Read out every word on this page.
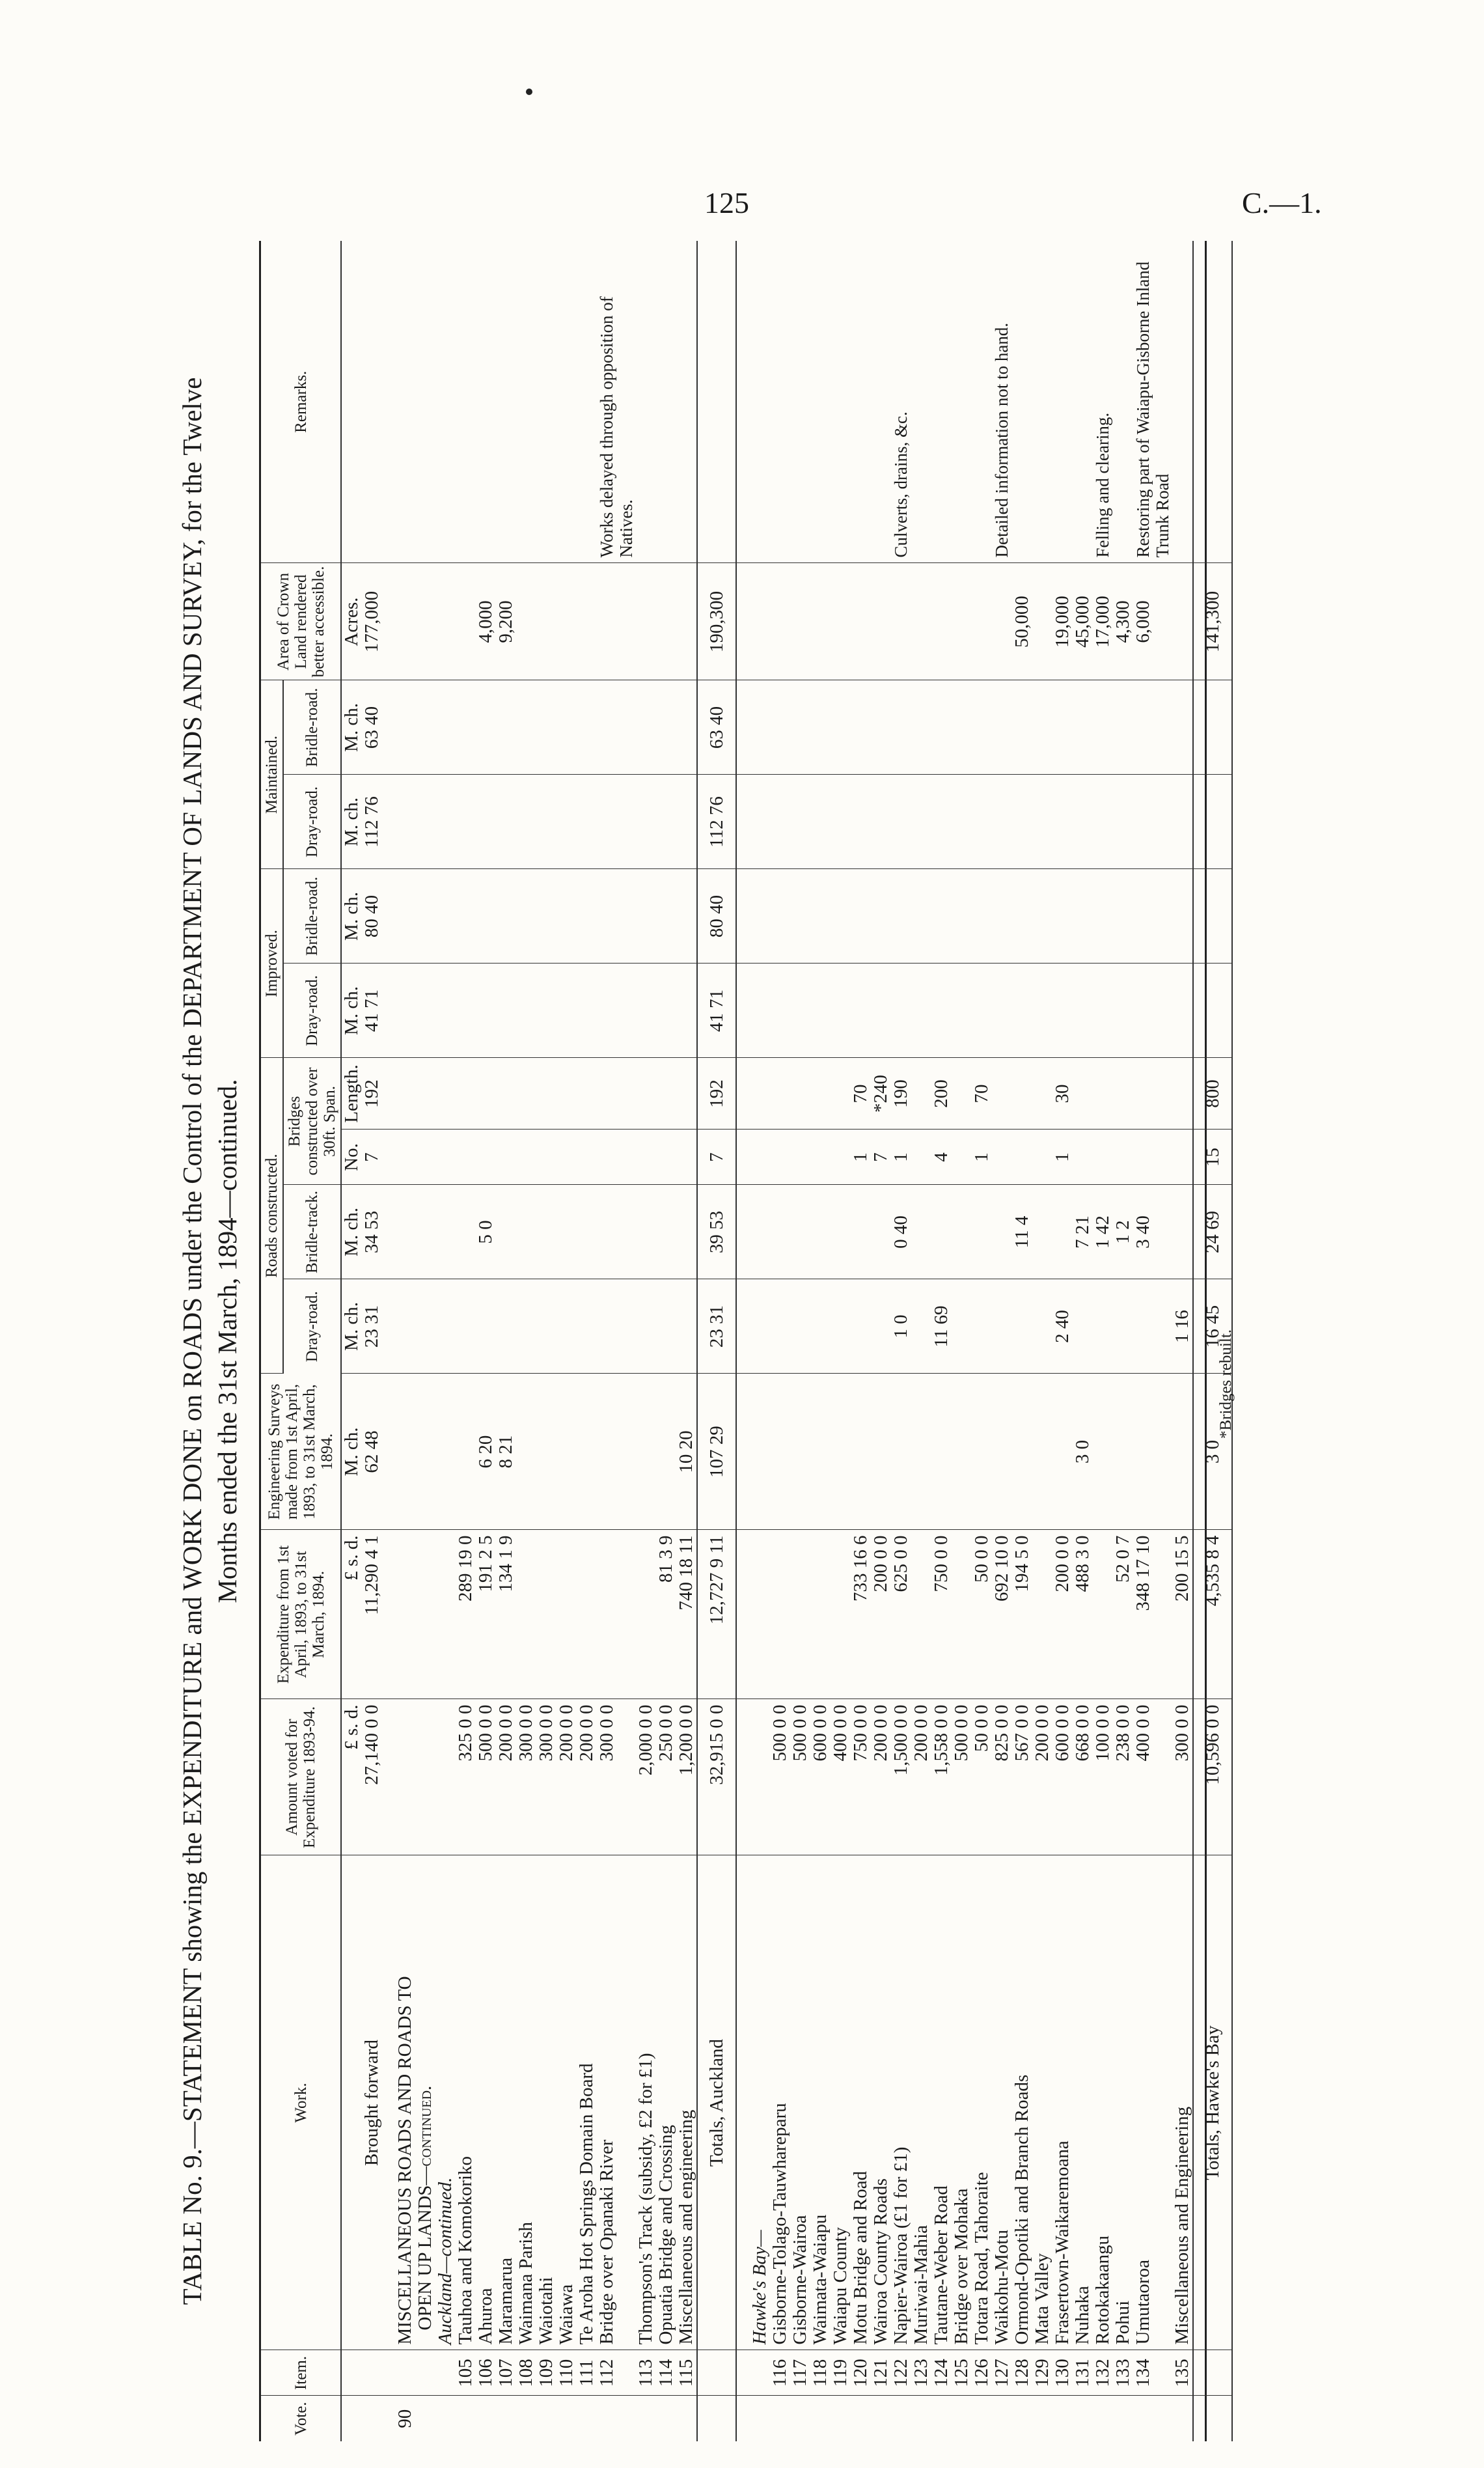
125	C.—1.
TABLE No. 9.—STATEMENT showing the EXPENDITURE and WORK DONE on ROADS under the Control of the DEPARTMENT OF LANDS AND SURVEY, for the Twelve Months ended the 31st March, 1894—continued.
Vote.	Item.	Work.	Amount voted for Expenditure 1893-94.	Expenditure from 1st April, 1893, to 31st March, 1894.	Engineering Surveys made from 1st April, 1893, to 31st March, 1894.	Roads constructed.				Improved.		Maintained.		Area of Crown Land rendered better accessible.	Remarks.
						Dray-road.	Bridle-track.	Bridges constructed over 30ft. Span.		Dray-road.	Bridle-road.	Dray-road.	Bridle-road.		
			£ s. d.	£ s. d.	M. ch.	M. ch.	M. ch.	No.	Length.	M. ch.	M. ch.	M. ch.	M. ch.	Acres.	
		Brought forward	27,140 0 0	11,290 4 1	62 48	23 31	34 53	7	192	41 71	80 40	112 76	63 40	177,000	

90		MISCELLANEOUS ROADS AND ROADS TO													
		OPEN UP LANDS—continued.													
		Auckland—continued.													
	105	Tauhoa and Komokoriko	325 0 0	289 19 0											
	106	Ahuroa	500 0 0	191 2 5	6 20		5 0							4,000	
	107	Maramarua	200 0 0	134 1 9	8 21									9,200	
	108	Waimana Parish	300 0 0												
	109	Waiotahi	300 0 0												
	110	Waiawa	200 0 0												
	111	Te Aroha Hot Springs Domain Board	200 0 0												
	112	Bridge over Opanaki River	300 0 0												Works delayed through opposition of Natives.
	113	Thompson's Track (subsidy, £2 for £1)	2,000 0 0												
	114	Opuatia Bridge and Crossing	250 0 0	81 3 9											
	115	Miscellaneous and engineering	1,200 0 0	740 18 11	10 20										
		Totals, Auckland	32,915 0 0	12,727 9 11	107 29	23 31	39 53	7	192	41 71	80 40	112 76	63 40	190,300	

		Hawke's Bay—													
	116	Gisborne-Tolago-Tauwhareparu	500 0 0												
	117	Gisborne-Wairoa	500 0 0												
	118	Waimata-Waiapu	600 0 0												
	119	Waiapu County	400 0 0												
	120	Motu Bridge and Road	750 0 0	733 16 6				1	70						
	121	Wairoa County Roads	200 0 0	200 0 0				7	*240						
	122	Napier-Wairoa (£1 for £1)	1,500 0 0	625 0 0		1 0	0 40	1	190						Culverts, drains, &c.
	123	Muriwai-Mahia	200 0 0												
	124	Tautane-Weber Road	1,558 0 0	750 0 0		11 69		4	200						
	125	Bridge over Mohaka	500 0 0												
	126	Totara Road, Tahoraite	50 0 0	50 0 0				1	70						
	127	Waikohu-Motu	825 0 0	692 10 0											Detailed information not to hand.
	128	Ormond-Opotiki and Branch Roads	567 0 0	194 5 0			11 4							50,000	
	129	Mata Valley	200 0 0												
	130	Frasertown-Waikaremoana	600 0 0	200 0 0		2 40		1	30					19,000	
	131	Nuhaka	668 0 0	488 3 0	3 0		7 21							45,000	
	132	Rotokakaangu	100 0 0				1 42							17,000	Felling and clearing.
	133	Pohui	238 0 0	52 0 7			1 2							4,300	
	134	Umutaoroa	400 0 0	348 17 10			3 40							6,000	Restoring part of Waiapu-Gisborne Inland Trunk Road
	135	Miscellaneous and Engineering	300 0 0	200 15 5		1 16									
		Totals, Hawke's Bay	10,596 0 0	4,535 8 4	3 0	16 45	24 69	15	800					141,300	
*Bridges rebuilt.
